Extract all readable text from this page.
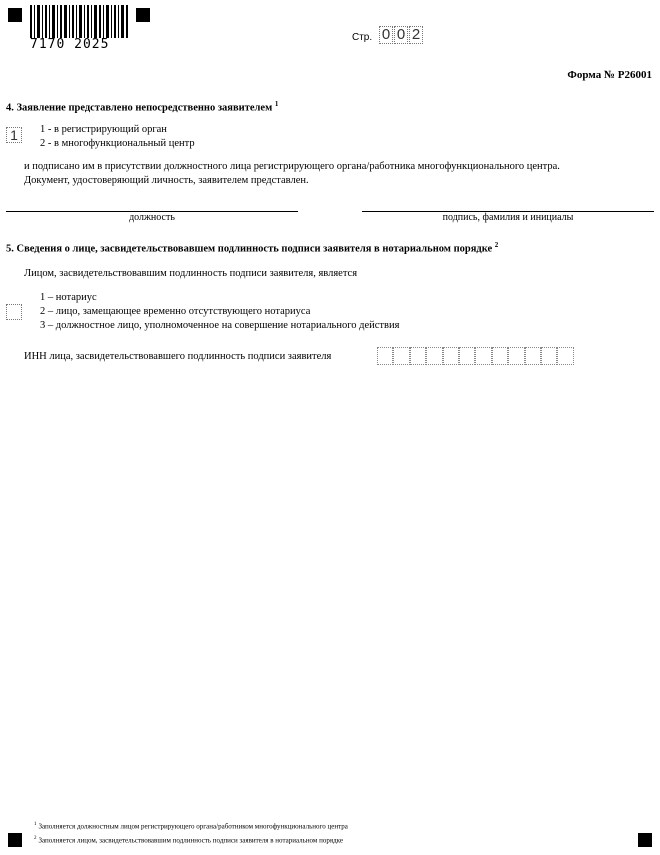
7170 2025	Стр. 0 0 2
Форма № Р26001
4. Заявление представлено непосредственно заявителем $^1$
1	1 - в регистрирующий орган
2 - в многофункциональный центр
и подписано им в присутствии должностного лица регистрирующего органа/работника многофункционального центра.
Документ, удостоверяющий личность, заявителем представлен.
должность	подпись, фамилия и инициалы
5. Сведения о лице, засвидетельствовавшем подлинность подписи заявителя в нотариальном порядке $^2$
Лицом, засвидетельствовавшим подлинность подписи заявителя, является
1 – нотариус
2 – лицо, замещающее временно отсутствующего нотариуса
3 – должностное лицо, уполномоченное на совершение нотариального действия
ИНН лица, засвидетельствовавшего подлинность подписи заявителя
$^1$ Заполняется должностным лицом регистрирующего органа/работником многофункционального центра
$^2$ Заполняется лицом, засвидетельствовавшим подлинность подписи заявителя в нотариальном порядке
